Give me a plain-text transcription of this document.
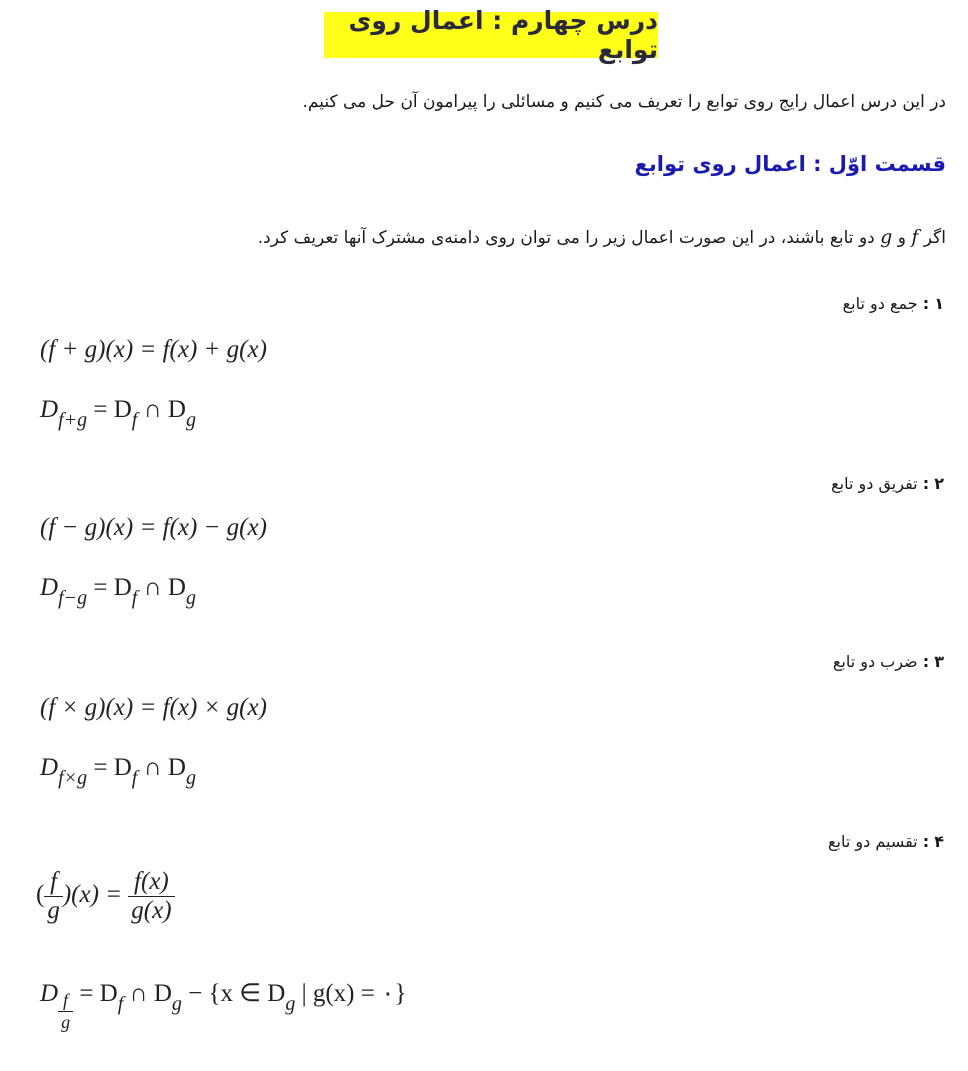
درس چهارم : اعمال روی توابع
در این درس اعمال رایج روی توابع را تعریف می کنیم و مسائلی را پیرامون آن حل می کنیم.
قسمت اوّل : اعمال روی توابع
اگر f و g دو تابع باشند، در این صورت اعمال زیر را می توان روی دامنه‌ی مشترک آنها تعریف کرد.
۱ : جمع دو تابع
(f + g)(x) = f(x) + g(x)
$D_{f+g} = D_f$ ∩ $D_g$
۲ : تفریق دو تابع
(f − g)(x) = f(x) − g(x)
$D_{f-g} = D_f$ ∩ $D_g$
۳ : ضرب دو تابع
(f × g)(x) = f(x) × g(x)
$D_{f\times g} = D_f$ ∩ $D_g$
۴ : تقسیم دو تابع
( $\frac{f}{g} )(x) = \frac{f(x)}{g(x)}$
D $\frac{f}{g} = D_f$ ∩ $D_g - \{x$ ∈ $D_g$ | g(x) = ۰}
